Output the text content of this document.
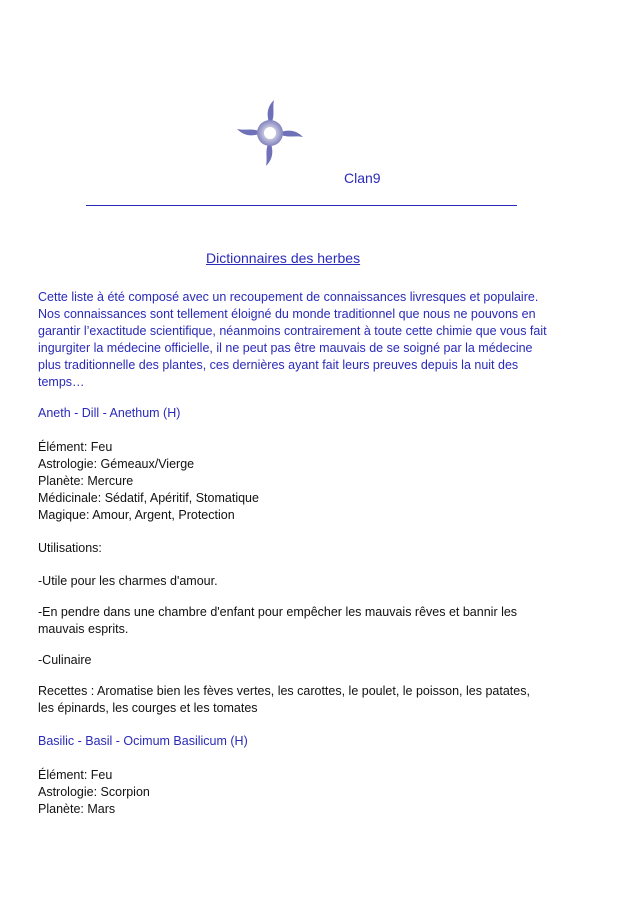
Clan9
Dictionnaires des herbes
Cette liste à été composé avec un recoupement de connaissances livresques et populaire.
Nos connaissances sont tellement éloigné du monde traditionnel que nous ne pouvons en
garantir l’exactitude scientifique, néanmoins contrairement à toute cette chimie que vous fait
ingurgiter la médecine officielle, il ne peut pas être mauvais de se soigné par la médecine
plus traditionnelle des plantes, ces dernières ayant fait leurs preuves depuis la nuit des
temps…
Aneth - Dill - Anethum (H)
Élément: Feu
Astrologie: Gémeaux/Vierge
Planète: Mercure
Médicinale: Sédatif, Apéritif, Stomatique
Magique: Amour, Argent, Protection
Utilisations:
-Utile pour les charmes d'amour.
-En pendre dans une chambre d'enfant pour empêcher les mauvais rêves et bannir les
mauvais esprits.
-Culinaire
Recettes : Aromatise bien les fèves vertes, les carottes, le poulet, le poisson, les patates,
les épinards, les courges et les tomates
Basilic - Basil - Ocimum Basilicum (H)
Élément: Feu
Astrologie: Scorpion
Planète: Mars
